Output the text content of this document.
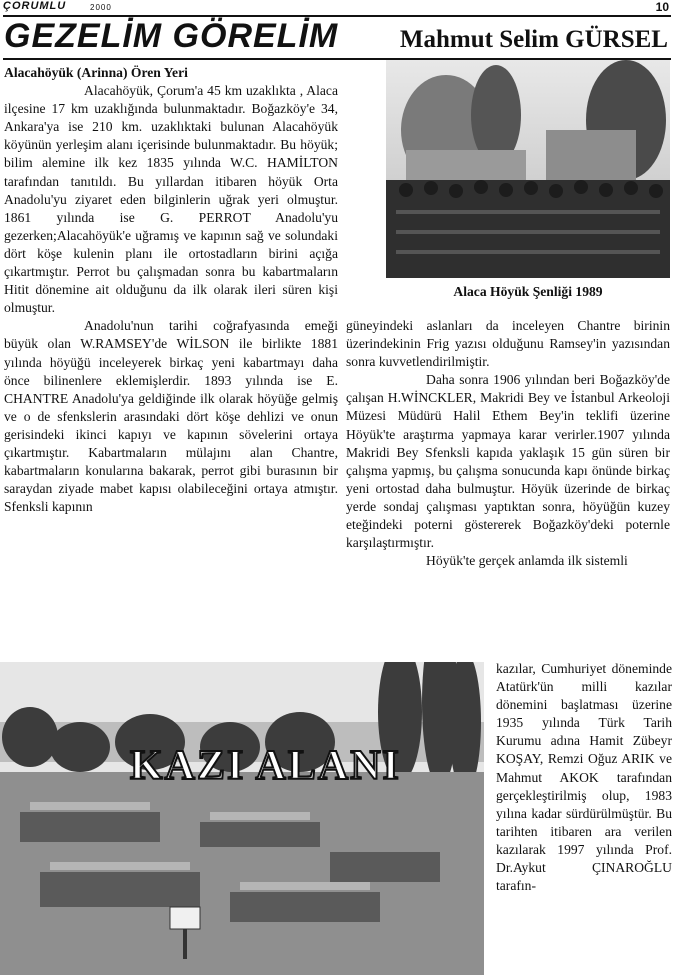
ÇORUMLU	2000	10
GEZELİM GÖRELİM Mahmut Selim GÜRSEL
Alacahöyük (Arinna) Ören Yeri

Alacahöyük, Çorum'a 45 km uzaklıkta , Alaca ilçesine 17 km uzaklığında bulunmaktadır. Boğazköy'e 34, Ankara'ya ise 210 km. uzaklıktaki bulunan Alacahöyük köyünün yerleşim alanı içerisinde bulunmaktadır. Bu höyük; bilim alemine ilk kez 1835 yılında W.C. HAMİLTON tarafından tanıtıldı. Bu yıllardan itibaren höyük Orta Anadolu'yu ziyaret eden bilginlerin uğrak yeri olmuştur. 1861 yılında ise G. PERROT Anadolu'yu gezerken;Alacahöyük'e uğramış ve kapının sağ ve solundaki dört köşe kulenin planı ile ortostadların birini açığa çıkartmıştır. Perrot bu çalışmadan sonra bu kabartmaların Hitit dönemine ait olduğunu da ilk olarak ileri süren kişi olmuştur.

Anadolu'nun tarihi coğrafyasında emeği büyük olan W.RAMSEY'de WİLSON ile birlikte 1881 yılında höyüğü inceleyerek birkaç yeni kabartmayı daha önce bilinenlere eklemişlerdir. 1893 yılında ise E. CHANTRE Anadolu'ya geldiğinde ilk olarak höyüğe gelmiş ve o de sfenkslerin arasındaki dört köşe dehlizi ve onun gerisindeki ikinci kapıyı ve kapının sövelerini ortaya çıkartmıştır. Kabartmaların mülajını alan Chantre, kabartmaların konularına bakarak, perrot gibi burasının bir saraydan ziyade mabet kapısı olabileceğini ortaya atmıştır. Sfenksli kapının

Alaca Höyük Şenliği 1989

güneyindeki aslanları da inceleyen Chantre birinin üzerindekinin Frig yazısı olduğunu Ramsey'in yazısından sonra kuvvetlendirilmiştir.

Daha sonra 1906 yılından beri Boğazköy'de çalışan H.WİNCKLER, Makridi Bey ve İstanbul Arkeoloji Müzesi Müdürü Halil Ethem Bey'in teklifi üzerine Höyük'te araştırma yapmaya karar verirler.1907 yılında Makridi Bey Sfenksli kapıda yaklaşık 15 gün süren bir çalışma yapmış, bu çalışma sonucunda kapı önünde birkaç yeni ortostad daha bulmuştur. Höyük üzerinde de birkaç yerde sondaj çalışması yaptıktan sonra, höyüğün kuzey eteğindeki poterni göstererek Boğazköy'deki poternle karşılaştırmıştır.

Höyük'te gerçek anlamda ilk sistemli

KAZI ALANI

kazılar, Cumhuriyet döneminde Atatürk'ün milli kazılar dönemini başlatması üzerine 1935 yılında Türk Tarih Kurumu adına Hamit Zübeyr KOŞAY, Remzi Oğuz ARIK ve Mahmut AKOK tarafından gerçekleştirilmiş olup, 1983 yılına kadar sürdürülmüştür. Bu tarihten itibaren ara verilen kazılarak 1997 yılında Prof. Dr.Aykut ÇINAROĞLU tarafın-
